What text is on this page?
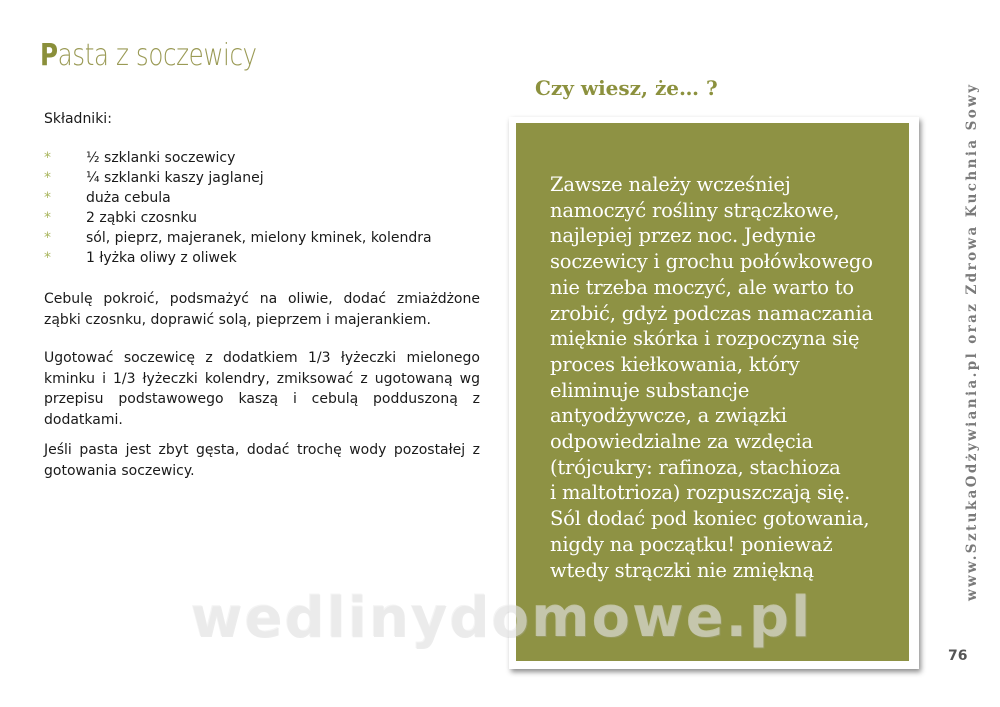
Pasta z soczewicy
Składniki:
*	½ szklanki soczewicy
*	¼ szklanki kaszy jaglanej
*	duża cebula
*	2 ząbki czosnku
*	sól, pieprz, majeranek, mielony kminek, kolendra
*	1 łyżka oliwy z oliwek
Cebulę pokroić, podsmażyć na oliwie, dodać zmiażdżone ząbki czosnku, doprawić solą, pieprzem i majerankiem.
Ugotować soczewicę z dodatkiem 1/3 łyżeczki mielonego kminku i 1/3 łyżeczki kolendry, zmiksować z ugotowaną wg przepisu podstawowego kaszą i cebulą podduszoną z dodatkami.
Jeśli pasta jest zbyt gęsta, dodać trochę wody pozostałej z gotowania soczewicy.
Czy wiesz, że… ?

Zawsze należy wcześniej

namoczyć rośliny strączkowe,

najlepiej przez noc. Jedynie

soczewicy i grochu połówkowego

nie trzeba moczyć, ale warto to

zrobić, gdyż podczas namaczania

mięknie skórka i rozpoczyna się

proces kiełkowania, który

eliminuje substancje

antyodżywcze, a związki

odpowiedzialne za wzdęcia

(trójcukry: rafinoza, stachioza

i maltotrioza) rozpuszczają się.

Sól dodać pod koniec gotowania,

nigdy na początku! ponieważ

wtedy strączki nie zmiękną

wedlinydomowe.pl
www.SztukaOdżywiania.pl oraz Zdrowa Kuchnia Sowy
76
